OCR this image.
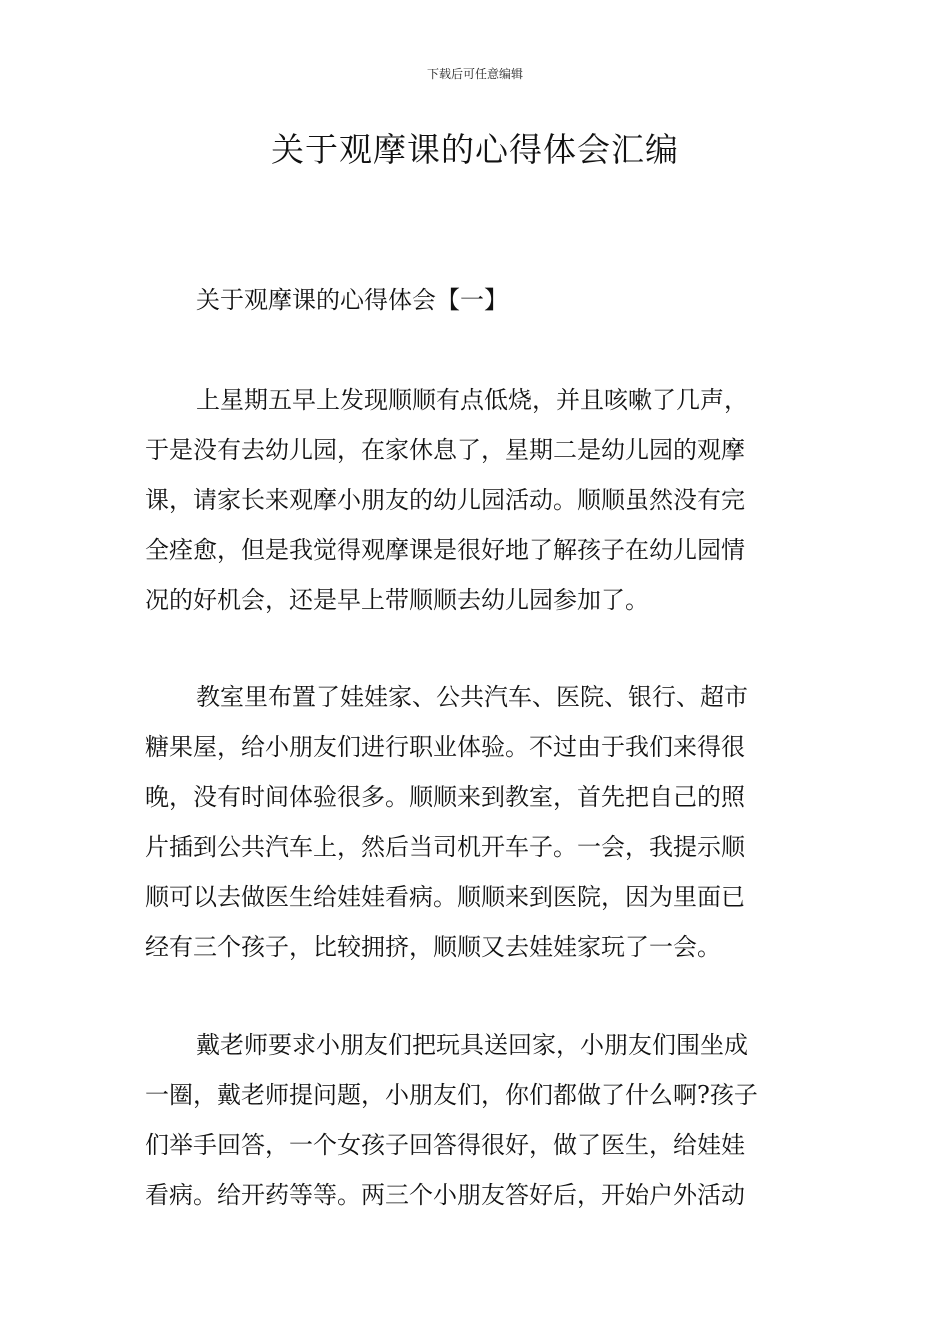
下载后可任意编辑
关于观摩课的心得体会汇编
关于观摩课的心得体会【一】
上星期五早上发现顺顺有点低烧，并且咳嗽了几声，
于是没有去幼儿园，在家休息了，星期二是幼儿园的观摩
课，请家长来观摩小朋友的幼儿园活动。顺顺虽然没有完
全痊愈，但是我觉得观摩课是很好地了解孩子在幼儿园情
况的好机会，还是早上带顺顺去幼儿园参加了。
教室里布置了娃娃家、公共汽车、医院、银行、超市
糖果屋，给小朋友们进行职业体验。不过由于我们来得很
晚，没有时间体验很多。顺顺来到教室，首先把自己的照
片插到公共汽车上，然后当司机开车子。一会，我提示顺
顺可以去做医生给娃娃看病。顺顺来到医院，因为里面已
经有三个孩子，比较拥挤，顺顺又去娃娃家玩了一会。
戴老师要求小朋友们把玩具送回家，小朋友们围坐成
一圈，戴老师提问题，小朋友们，你们都做了什么啊?孩子
们举手回答，一个女孩子回答得很好，做了医生，给娃娃
看病。给开药等等。两三个小朋友答好后，开始户外活动
